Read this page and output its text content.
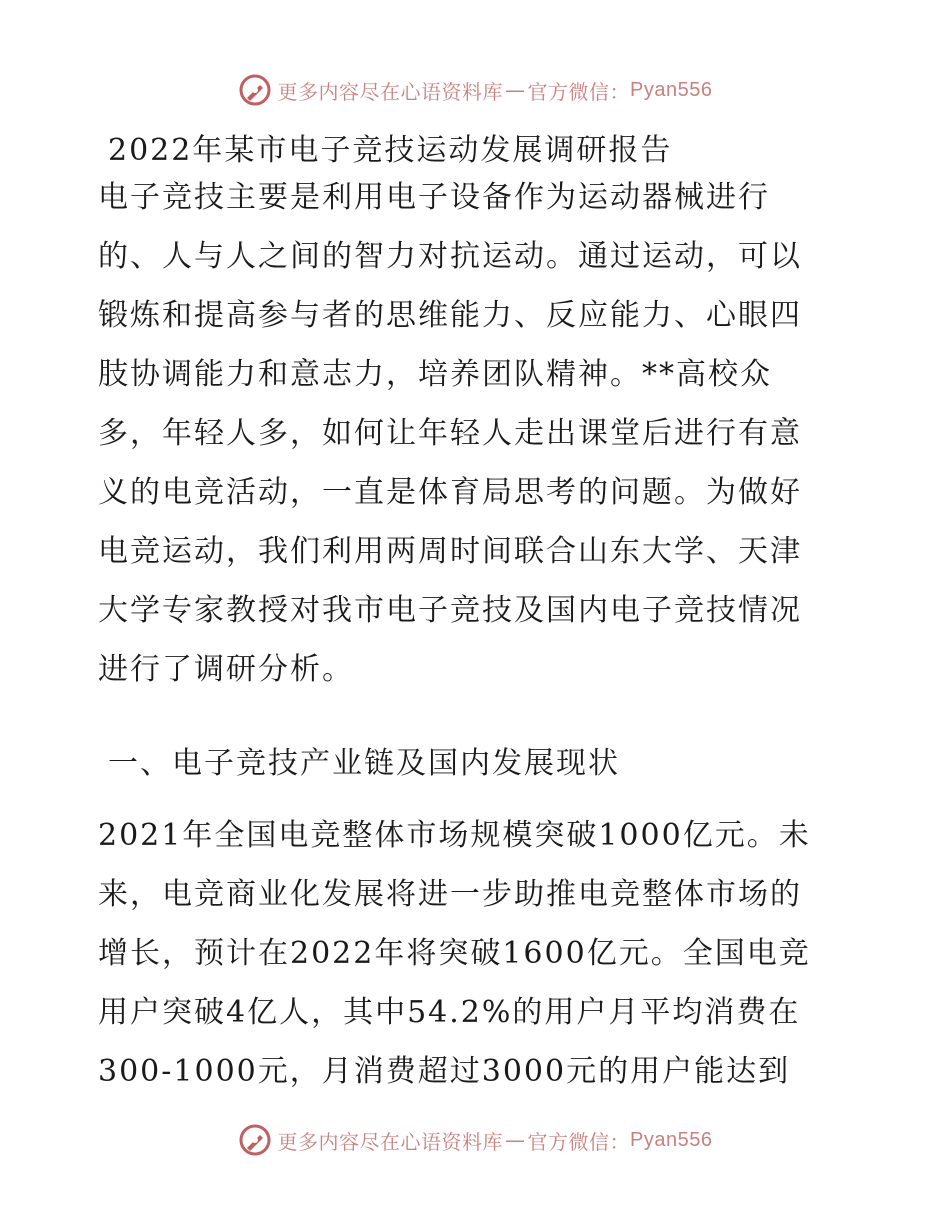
更多内容尽在心语资料库 — 官方微信： Pyan556
2022年某市电子竞技运动发展调研报告
电子竞技主要是利用电子设备作为运动器械进行
的、人与人之间的智力对抗运动。通过运动，可以
锻炼和提高参与者的思维能力、反应能力、心眼四
肢协调能力和意志力，培养团队精神。**高校众
多，年轻人多，如何让年轻人走出课堂后进行有意
义的电竞活动，一直是体育局思考的问题。为做好
电竞运动，我们利用两周时间联合山东大学、天津
大学专家教授对我市电子竞技及国内电子竞技情况
进行了调研分析。
一、电子竞技产业链及国内发展现状
2021年全国电竞整体市场规模突破1000亿元。未
来，电竞商业化发展将进一步助推电竞整体市场的
增长，预计在2022年将突破1600亿元。全国电竞
用户突破4亿人，其中54.2%的用户月平均消费在
300-1000元，月消费超过3000元的用户能达到
更多内容尽在心语资料库 — 官方微信： Pyan556
